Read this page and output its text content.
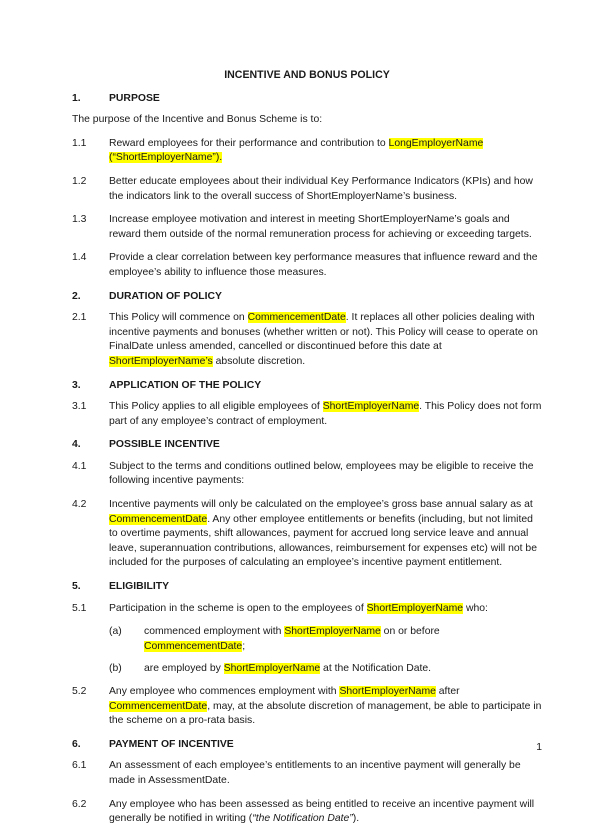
INCENTIVE AND BONUS POLICY
1.	PURPOSE
The purpose of the Incentive and Bonus Scheme is to:
1.1	Reward employees for their performance and contribution to LongEmployerName (“ShortEmployerName”).
1.2	Better educate employees about their individual Key Performance Indicators (KPIs) and how the indicators link to the overall success of ShortEmployerName’s business.
1.3	Increase employee motivation and interest in meeting ShortEmployerName’s goals and reward them outside of the normal remuneration process for achieving or exceeding targets.
1.4	Provide a clear correlation between key performance measures that influence reward and the employee’s ability to influence those measures.
2.	DURATION OF POLICY
2.1	This Policy will commence on CommencementDate. It replaces all other policies dealing with incentive payments and bonuses (whether written or not). This Policy will cease to operate on FinalDate unless amended, cancelled or discontinued before this date at ShortEmployerName’s absolute discretion.
3.	APPLICATION OF THE POLICY
3.1	This Policy applies to all eligible employees of ShortEmployerName. This Policy does not form part of any employee’s contract of employment.
4.	POSSIBLE INCENTIVE
4.1	Subject to the terms and conditions outlined below, employees may be eligible to receive the following incentive payments:
4.2	Incentive payments will only be calculated on the employee’s gross base annual salary as at CommencementDate. Any other employee entitlements or benefits (including, but not limited to overtime payments, shift allowances, payment for accrued long service leave and annual leave, superannuation contributions, allowances, reimbursement for expenses etc) will not be included for the purposes of calculating an employee’s incentive payment entitlement.
5.	ELIGIBILITY
5.1	Participation in the scheme is open to the employees of ShortEmployerName who:
(a)	commenced employment with ShortEmployerName on or before CommencementDate;
(b)	are employed by ShortEmployerName at the Notification Date.
5.2	Any employee who commences employment with ShortEmployerName after CommencementDate, may, at the absolute discretion of management, be able to participate in the scheme on a pro-rata basis.
6.	PAYMENT OF INCENTIVE
6.1	An assessment of each employee’s entitlements to an incentive payment will generally be made in AssessmentDate.
6.2	Any employee who has been assessed as being entitled to receive an incentive payment will generally be notified in writing (“the Notification Date”).
1
